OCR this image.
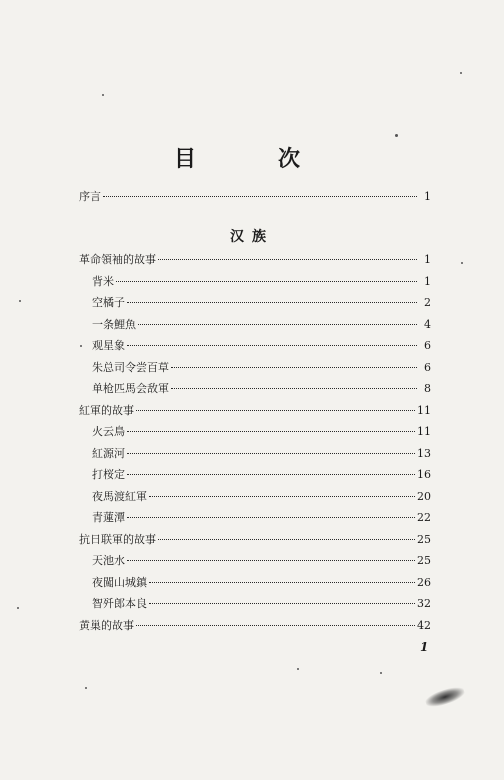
目　次
序言	1
汉族
革命領袖的故事	1
背米	1
空橘子	2
一条鯉魚	4
观星象	6
朱总司令尝百草	6
单枪匹馬会敌軍	8
紅軍的故事	11
火云鳥	11
紅源河	13
打桜定	16
夜馬渡紅軍	20
青蓮潭	22
抗日联軍的故事	25
天池水	25
夜闖山城鎮	26
智歼郎本良	32
黄巢的故事	42
1
